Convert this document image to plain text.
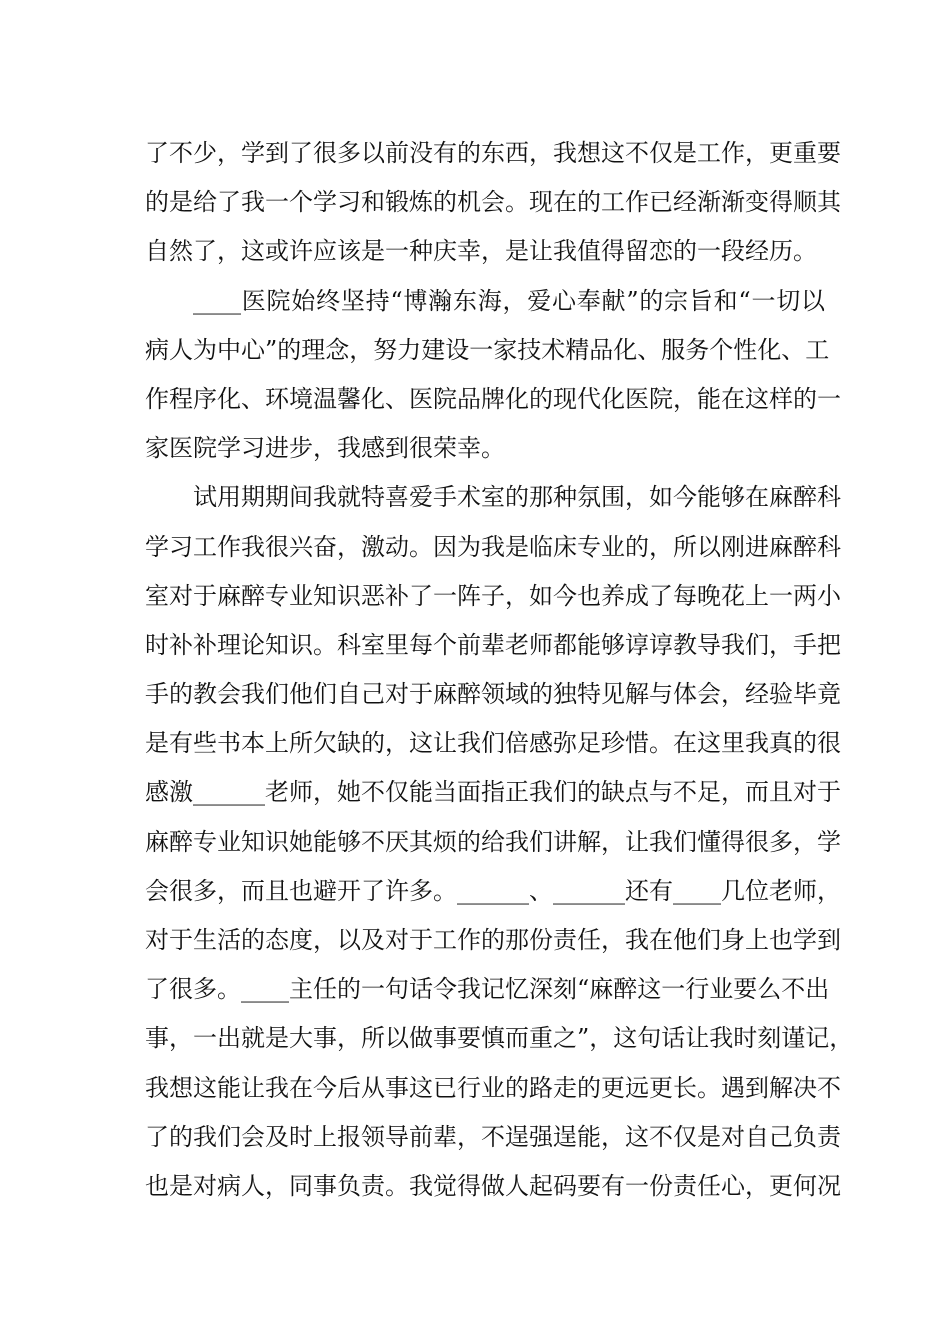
了不少，学到了很多以前没有的东西，我想这不仅是工作，更重要
的是给了我一个学习和锻炼的机会。现在的工作已经渐渐变得顺其
自然了，这或许应该是一种庆幸，是让我值得留恋的一段经历。
____医院始终坚持“博瀚东海，爱心奉献”的宗旨和“一切以
病人为中心”的理念，努力建设一家技术精品化、服务个性化、工
作程序化、环境温馨化、医院品牌化的现代化医院，能在这样的一
家医院学习进步，我感到很荣幸。
试用期期间我就特喜爱手术室的那种氛围，如今能够在麻醉科
学习工作我很兴奋，激动。因为我是临床专业的，所以刚进麻醉科
室对于麻醉专业知识恶补了一阵子，如今也养成了每晚花上一两小
时补补理论知识。科室里每个前辈老师都能够谆谆教导我们，手把
手的教会我们他们自己对于麻醉领域的独特见解与体会，经验毕竟
是有些书本上所欠缺的，这让我们倍感弥足珍惜。在这里我真的很
感激______老师，她不仅能当面指正我们的缺点与不足，而且对于
麻醉专业知识她能够不厌其烦的给我们讲解，让我们懂得很多，学
会很多，而且也避开了许多。______、______还有____几位老师，
对于生活的态度，以及对于工作的那份责任，我在他们身上也学到
了很多。____主任的一句话令我记忆深刻“麻醉这一行业要么不出
事，一出就是大事，所以做事要慎而重之”，这句话让我时刻谨记，
我想这能让我在今后从事这已行业的路走的更远更长。遇到解决不
了的我们会及时上报领导前辈，不逞强逞能，这不仅是对自己负责
也是对病人，同事负责。我觉得做人起码要有一份责任心，更何况
